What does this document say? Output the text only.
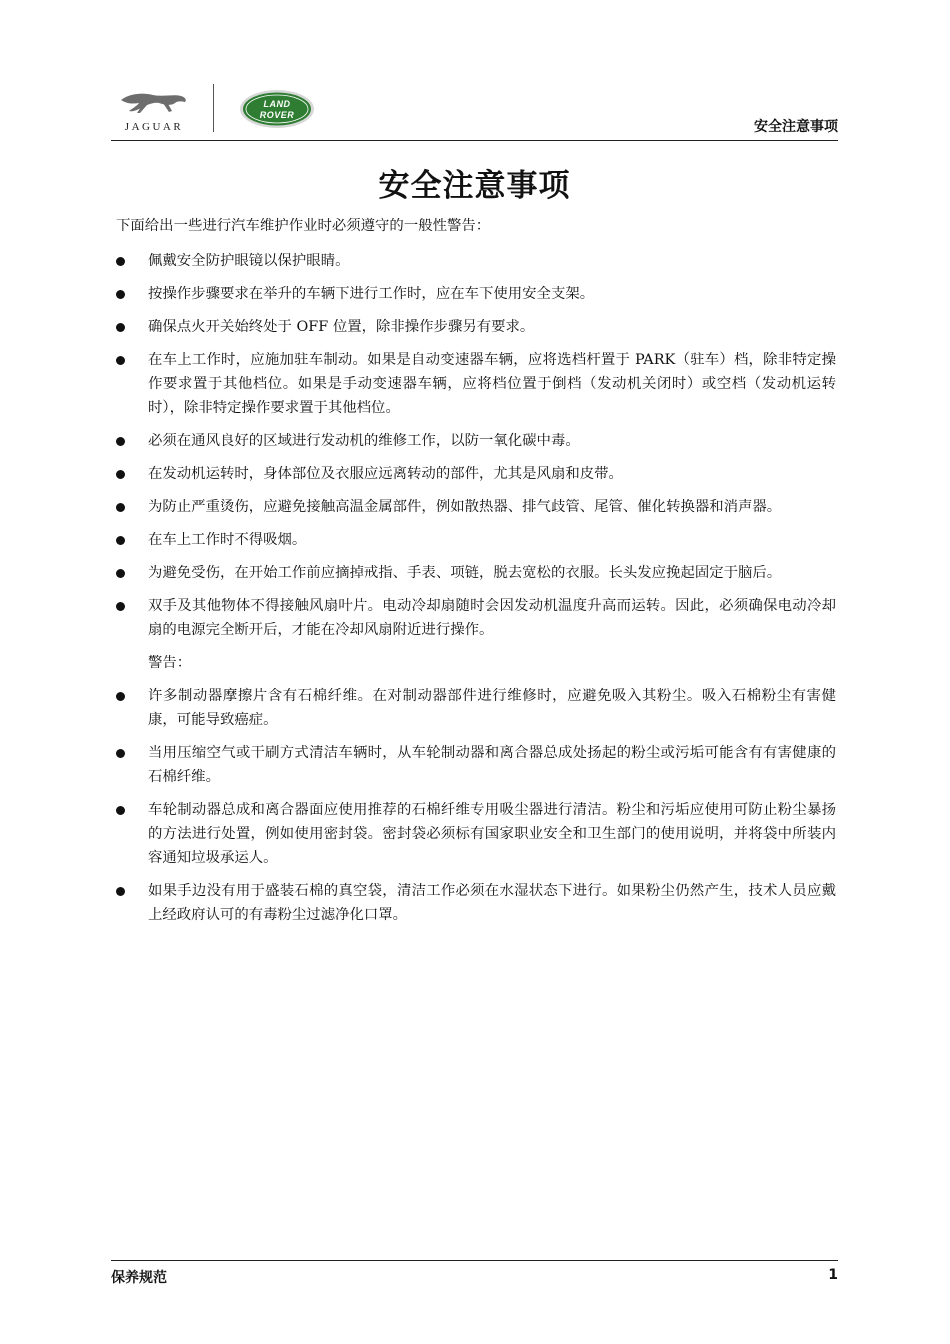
JAGUAR
LAND
ROVER
安全注意事项
安全注意事项

下面给出一些进行汽车维护作业时必须遵守的一般性警告：

佩戴安全防护眼镜以保护眼睛。
按操作步骤要求在举升的车辆下进行工作时，应在车下使用安全支架。
确保点火开关始终处于 OFF 位置，除非操作步骤另有要求。
在车上工作时，应施加驻车制动。如果是自动变速器车辆，应将选档杆置于 PARK（驻车）档，除非特定操作要求置于其他档位。如果是手动变速器车辆，应将档位置于倒档（发动机关闭时）或空档（发动机运转时），除非特定操作要求置于其他档位。
必须在通风良好的区域进行发动机的维修工作，以防一氧化碳中毒。
在发动机运转时，身体部位及衣服应远离转动的部件，尤其是风扇和皮带。
为防止严重烫伤，应避免接触高温金属部件，例如散热器、排气歧管、尾管、催化转换器和消声器。
在车上工作时不得吸烟。
为避免受伤，在开始工作前应摘掉戒指、手表、项链，脱去宽松的衣服。长头发应挽起固定于脑后。
双手及其他物体不得接触风扇叶片。电动冷却扇随时会因发动机温度升高而运转。因此，必须确保电动冷却扇的电源完全断开后，才能在冷却风扇附近进行操作。
警告：
许多制动器摩擦片含有石棉纤维。在对制动器部件进行维修时，应避免吸入其粉尘。吸入石棉粉尘有害健康，可能导致癌症。
当用压缩空气或干刷方式清洁车辆时，从车轮制动器和离合器总成处扬起的粉尘或污垢可能含有有害健康的石棉纤维。
车轮制动器总成和离合器面应使用推荐的石棉纤维专用吸尘器进行清洁。粉尘和污垢应使用可防止粉尘暴扬的方法进行处置，例如使用密封袋。密封袋必须标有国家职业安全和卫生部门的使用说明，并将袋中所装内容通知垃圾承运人。
如果手边没有用于盛装石棉的真空袋，清洁工作必须在水湿状态下进行。如果粉尘仍然产生，技术人员应戴上经政府认可的有毒粉尘过滤净化口罩。
保养规范	1
